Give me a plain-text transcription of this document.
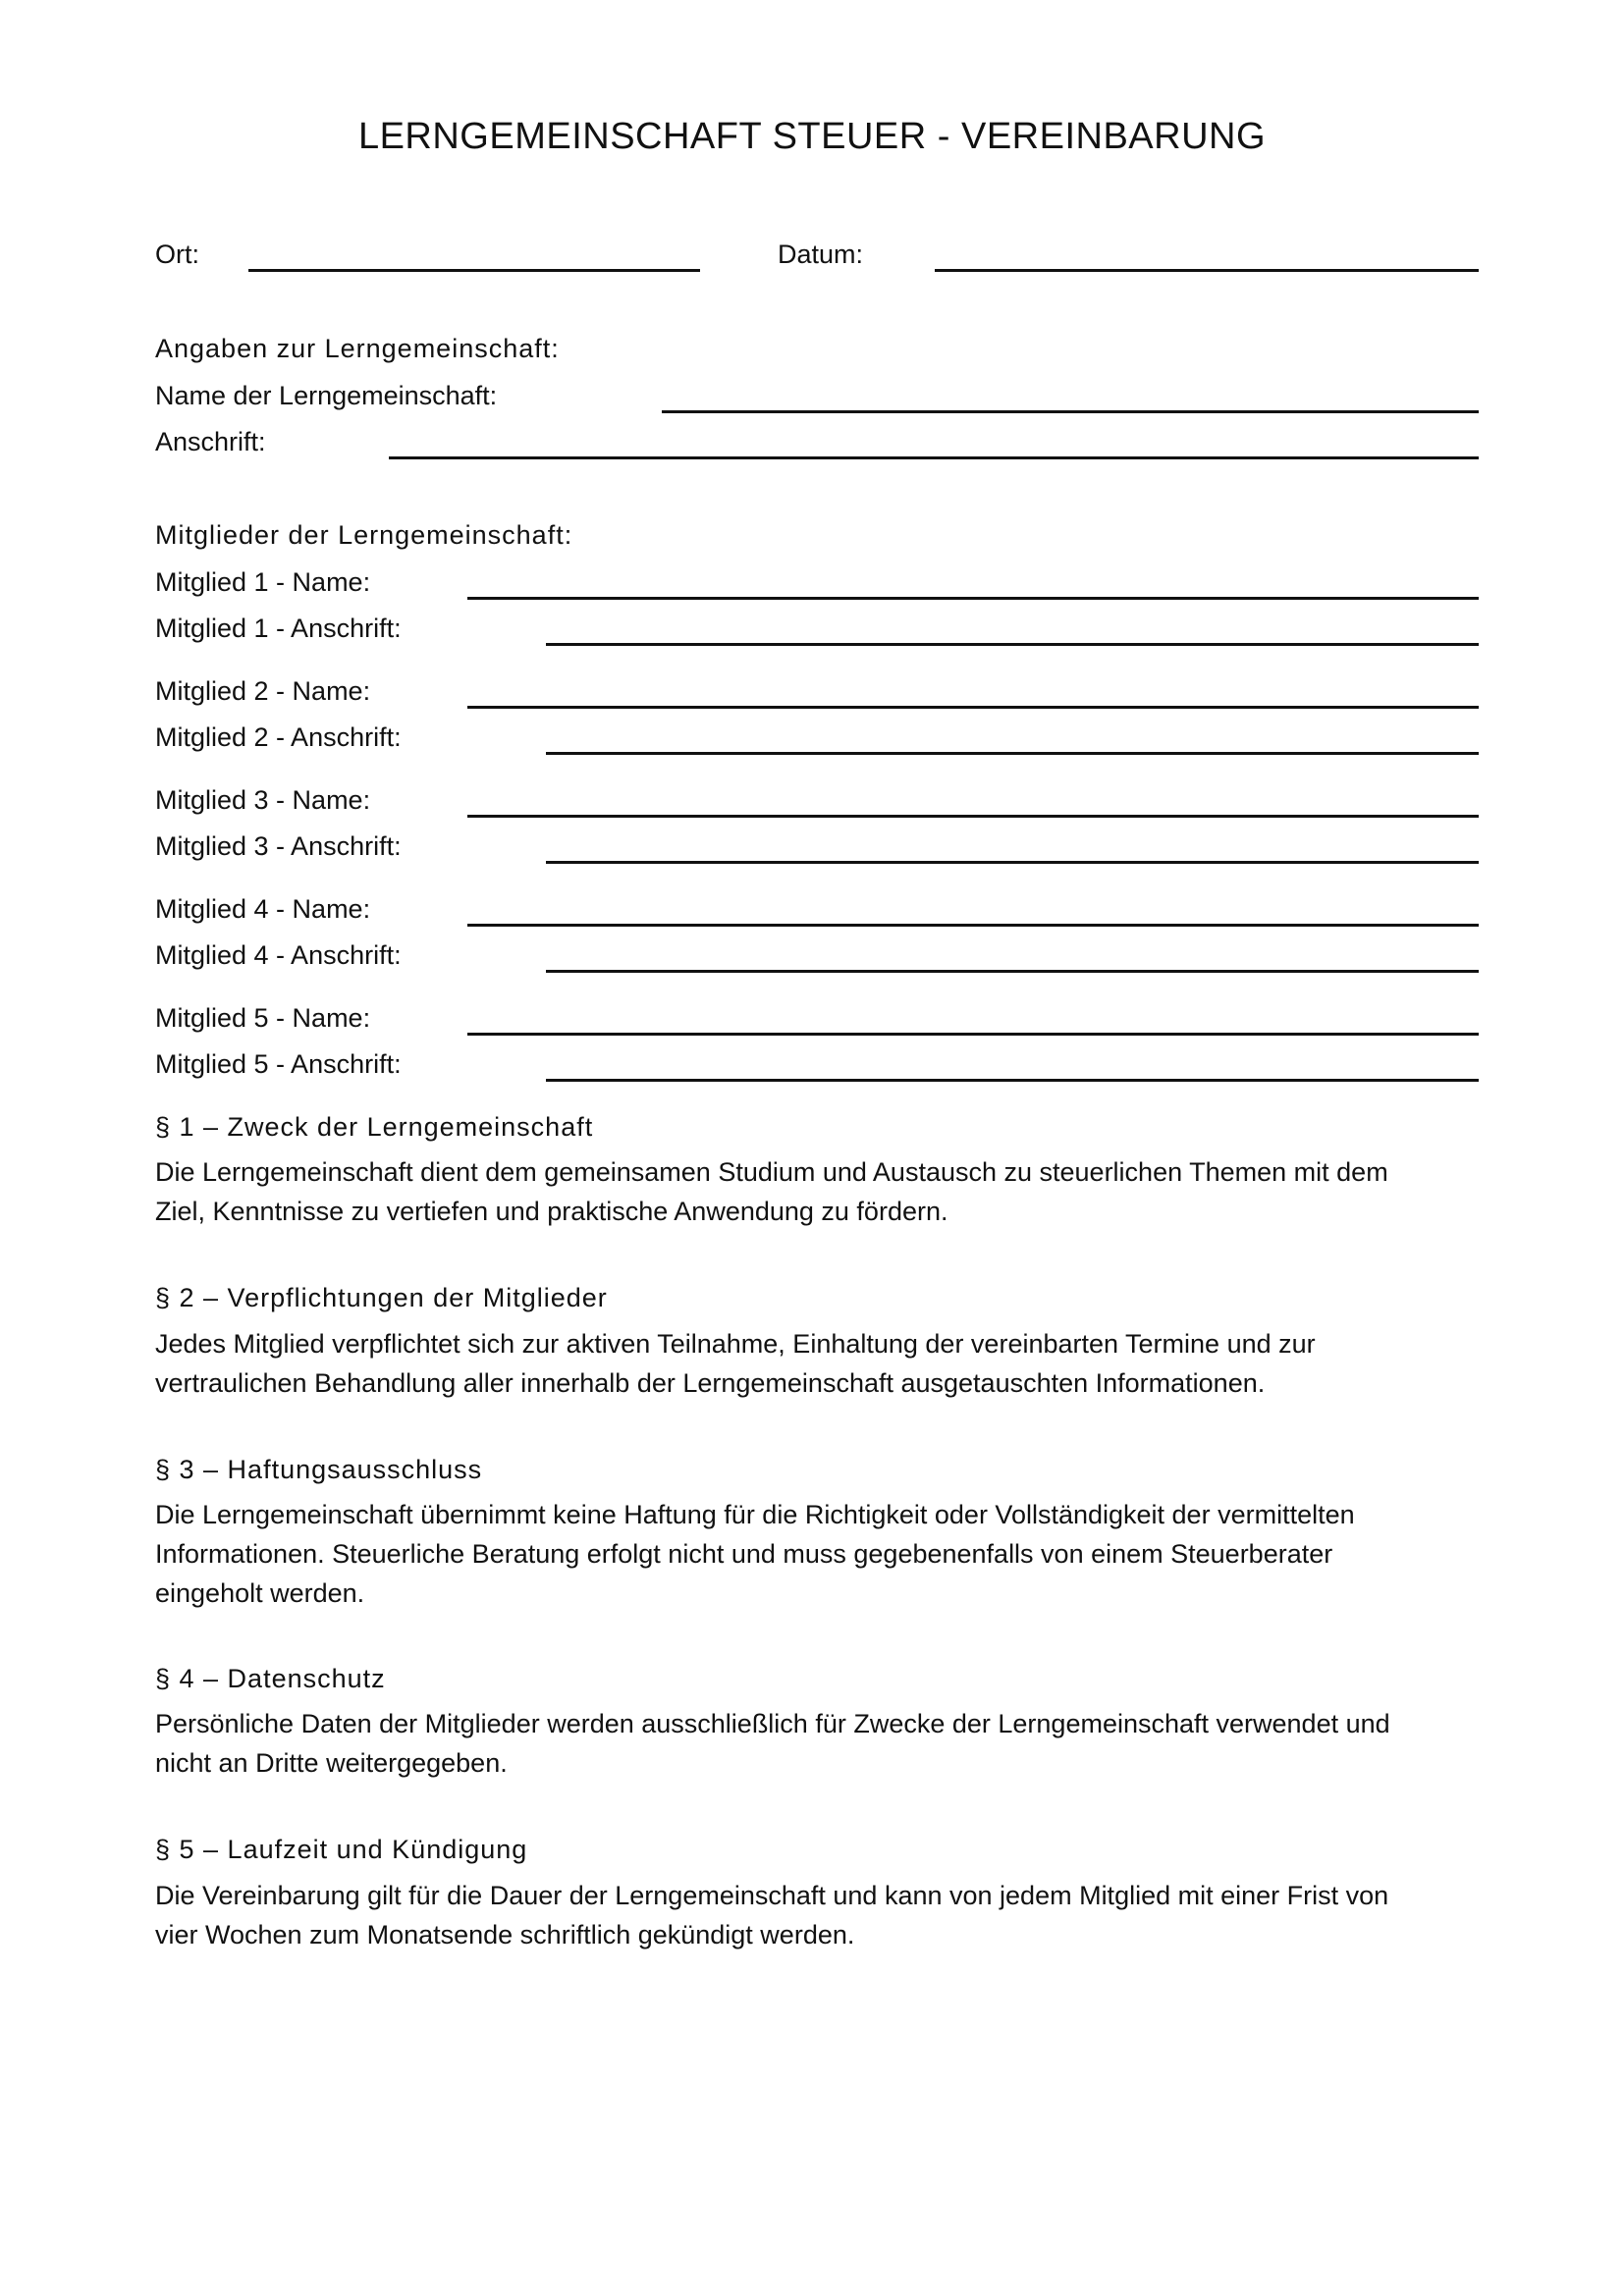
LERNGEMEINSCHAFT STEUER - VEREINBARUNG
Ort:	Datum:
Angaben zur Lerngemeinschaft:
Name der Lerngemeinschaft:
Anschrift:
Mitglieder der Lerngemeinschaft:
Mitglied 1 - Name:
Mitglied 1 - Anschrift:
Mitglied 2 - Name:
Mitglied 2 - Anschrift:
Mitglied 3 - Name:
Mitglied 3 - Anschrift:
Mitglied 4 - Name:
Mitglied 4 - Anschrift:
Mitglied 5 - Name:
Mitglied 5 - Anschrift:
§ 1 – Zweck der Lerngemeinschaft
Die Lerngemeinschaft dient dem gemeinsamen Studium und Austausch zu steuerlichen Themen mit dem
Ziel, Kenntnisse zu vertiefen und praktische Anwendung zu fördern.
§ 2 – Verpflichtungen der Mitglieder
Jedes Mitglied verpflichtet sich zur aktiven Teilnahme, Einhaltung der vereinbarten Termine und zur
vertraulichen Behandlung aller innerhalb der Lerngemeinschaft ausgetauschten Informationen.
§ 3 – Haftungsausschluss
Die Lerngemeinschaft übernimmt keine Haftung für die Richtigkeit oder Vollständigkeit der vermittelten
Informationen. Steuerliche Beratung erfolgt nicht und muss gegebenenfalls von einem Steuerberater
eingeholt werden.
§ 4 – Datenschutz
Persönliche Daten der Mitglieder werden ausschließlich für Zwecke der Lerngemeinschaft verwendet und
nicht an Dritte weitergegeben.
§ 5 – Laufzeit und Kündigung
Die Vereinbarung gilt für die Dauer der Lerngemeinschaft und kann von jedem Mitglied mit einer Frist von
vier Wochen zum Monatsende schriftlich gekündigt werden.
